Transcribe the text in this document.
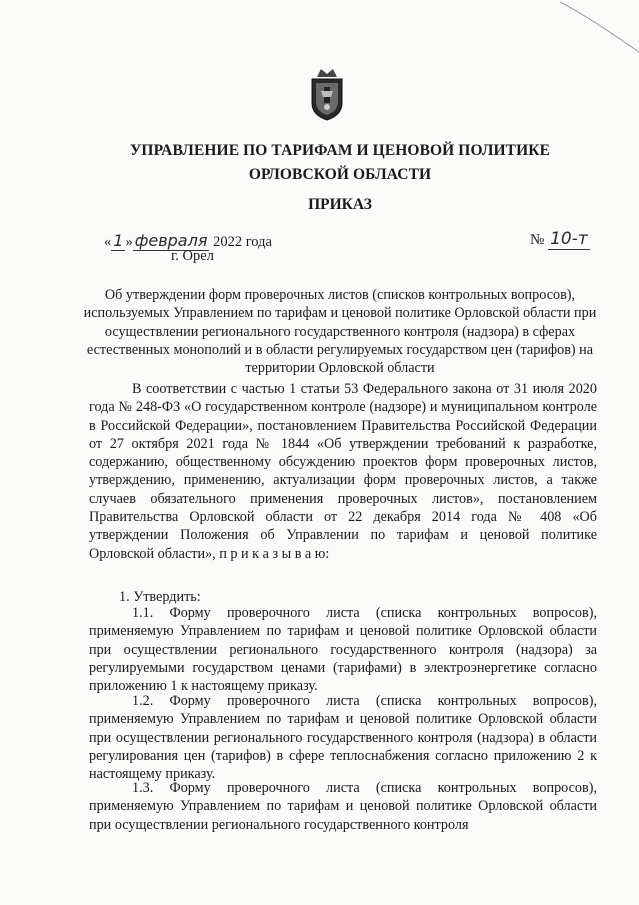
УПРАВЛЕНИЕ ПО ТАРИФАМ И ЦЕНОВОЙ ПОЛИТИКЕ
ОРЛОВСКОЙ ОБЛАСТИ
ПРИКАЗ
« 1 » февраля 2022 года
г. Орел
№ 10-т
Об утверждении форм проверочных листов (списков контрольных вопросов), используемых Управлением по тарифам и ценовой политике Орловской области при осуществлении регионального государственного контроля (надзора) в сферах естественных монополий и в области регулируемых государством цен (тарифов) на территории Орловской области
В соответствии с частью 1 статьи 53 Федерального закона от 31 июля 2020 года № 248-ФЗ «О государственном контроле (надзоре) и муниципальном контроле в Российской Федерации», постановлением Правительства Российской Федерации от 27 октября 2021 года № 1844 «Об утверждении требований к разработке, содержанию, общественному обсуждению проектов форм проверочных листов, утверждению, применению, актуализации форм проверочных листов, а также случаев обязательного применения проверочных листов», постановлением Правительства Орловской области от 22 декабря 2014 года № 408 «Об утверждении Положения об Управлении по тарифам и ценовой политике Орловской области», п р и к а з ы в а ю:
1. Утвердить:
1.1. Форму проверочного листа (списка контрольных вопросов), применяемую Управлением по тарифам и ценовой политике Орловской области при осуществлении регионального государственного контроля (надзора) за регулируемыми государством ценами (тарифами) в электроэнергетике согласно приложению 1 к настоящему приказу.
1.2. Форму проверочного листа (списка контрольных вопросов), применяемую Управлением по тарифам и ценовой политике Орловской области при осуществлении регионального государственного контроля (надзора) в области регулирования цен (тарифов) в сфере теплоснабжения согласно приложению 2 к настоящему приказу.
1.3. Форму проверочного листа (списка контрольных вопросов), применяемую Управлением по тарифам и ценовой политике Орловской области при осуществлении регионального государственного контроля
